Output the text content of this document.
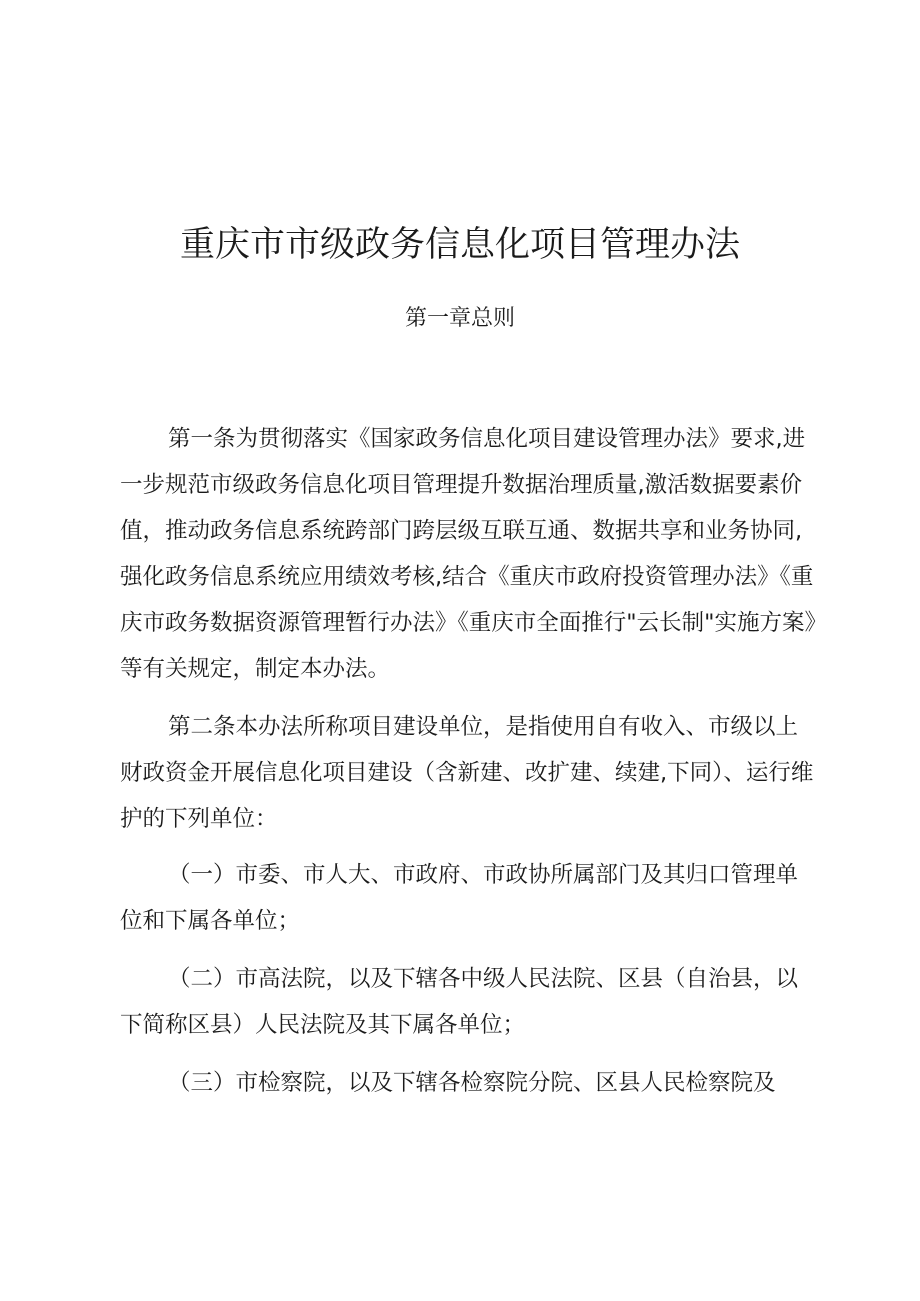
重庆市市级政务信息化项目管理办法
第一章总则

第一条为贯彻落实《国家政务信息化项目建设管理办法》要求,进一步规范市级政务信息化项目管理提升数据治理质量,激活数据要素价值，推动政务信息系统跨部门跨层级互联互通、数据共享和业务协同,强化政务信息系统应用绩效考核,结合《重庆市政府投资管理办法》《重庆市政务数据资源管理暂行办法》《重庆市全面推行"云长制"实施方案》等有关规定，制定本办法。

第二条本办法所称项目建设单位，是指使用自有收入、市级以上财政资金开展信息化项目建设（含新建、改扩建、续建,下同）、运行维护的下列单位：

（一）市委、市人大、市政府、市政协所属部门及其归口管理单位和下属各单位；

（二）市高法院，以及下辖各中级人民法院、区县（自治县，以下简称区县）人民法院及其下属各单位；

（三）市检察院，以及下辖各检察院分院、区县人民检察院及
